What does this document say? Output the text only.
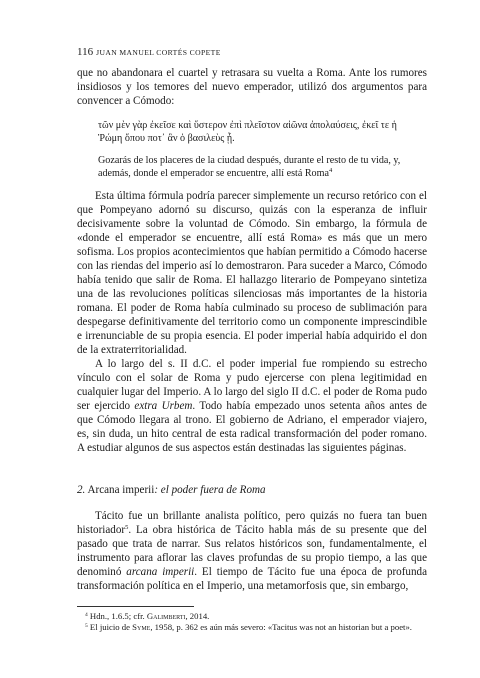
116 JUAN MANUEL CORTÉS COPETE

que no abandonara el cuartel y retrasara su vuelta a Roma. Ante los rumores insidiosos y los temores del nuevo emperador, utilizó dos argumentos para convencer a Cómodo:

τῶν μὲν γὰρ ἐκεῖσε καὶ ὕστερον ἐπὶ πλεῖστον αἰῶνα ἀπολαύσεις, ἐκεῖ τε ἡ Ῥώμη ὅπου ποτ᾽ ἂν ὁ βασιλεὺς ᾖ.

Gozarás de los placeres de la ciudad después, durante el resto de tu vida, y, además, donde el emperador se encuentre, allí está Roma$^4$

Esta última fórmula podría parecer simplemente un recurso retórico con el que Pompeyano adornó su discurso, quizás con la esperanza de influir decisivamente sobre la voluntad de Cómodo. Sin embargo, la fórmula de «donde el emperador se encuentre, allí está Roma» es más que un mero sofisma. Los propios acontecimientos que habían permitido a Cómodo hacerse con las riendas del imperio así lo demostraron. Para suceder a Marco, Cómodo había tenido que salir de Roma. El hallazgo literario de Pompeyano sintetiza una de las revoluciones políticas silenciosas más importantes de la historia romana. El poder de Roma había culminado su proceso de sublimación para despegarse definitivamente del territorio como un componente imprescindible e irrenunciable de su propia esencia. El poder imperial había adquirido el don de la extraterritorialidad.

A lo largo del s. II d.C. el poder imperial fue rompiendo su estrecho vínculo con el solar de Roma y pudo ejercerse con plena legitimidad en cualquier lugar del Imperio. A lo largo del siglo II d.C. el poder de Roma pudo ser ejercido extra Urbem. Todo había empezado unos setenta años antes de que Cómodo llegara al trono. El gobierno de Adriano, el emperador viajero, es, sin duda, un hito central de esta radical transformación del poder romano. A estudiar algunos de sus aspectos están destinadas las siguientes páginas.

2. Arcana imperii: el poder fuera de Roma

Tácito fue un brillante analista político, pero quizás no fuera tan buen historiador$^5$. La obra histórica de Tácito habla más de su presente que del pasado que trata de narrar. Sus relatos históricos son, fundamentalmente, el instrumento para aflorar las claves profundas de su propio tiempo, a las que denominó arcana imperii. El tiempo de Tácito fue una época de profunda transformación política en el Imperio, una metamorfosis que, sin embargo,

$^4$ Hdn., 1.6.5; cfr. Galimberti, 2014.

$^5$ El juicio de Syme, 1958, p. 362 es aún más severo: «Tacitus was not an historian but a poet».
